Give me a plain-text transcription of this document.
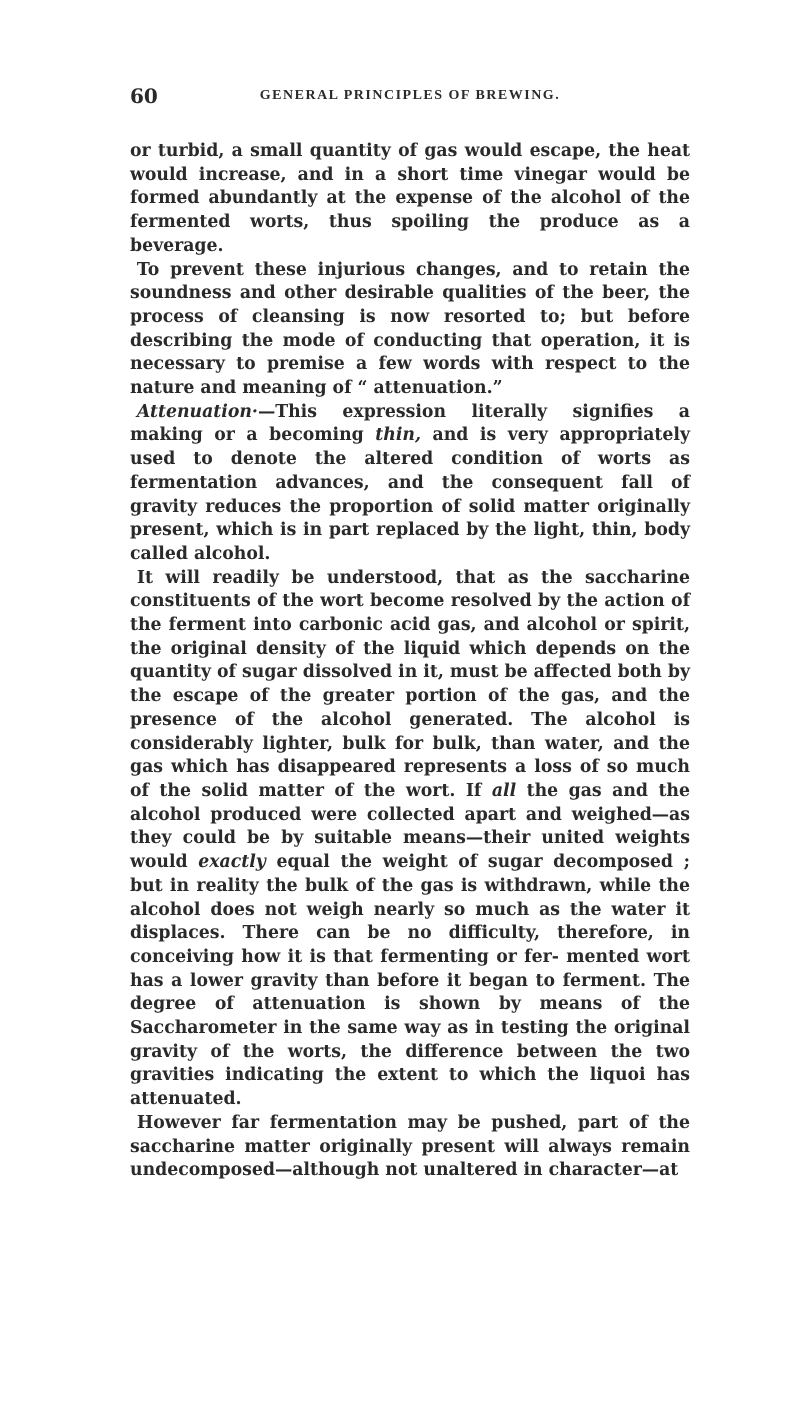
60	GENERAL PRINCIPLES OF BREWING.

or turbid, a small quantity of gas would escape, the heat would increase, and in a short time vinegar would be formed abundantly at the expense of the alcohol of the fermented worts, thus spoiling the produce as a beverage.

To prevent these injurious changes, and to retain the soundness and other desirable qualities of the beer, the process of cleansing is now resorted to; but before describing the mode of conducting that operation, it is necessary to premise a few words with respect to the nature and meaning of “ attenuation.”

Attenuation·—This expression literally signifies a making or a becoming thin, and is very appropriately used to denote the altered condition of worts as fermentation advances, and the consequent fall of gravity reduces the proportion of solid matter originally present, which is in part replaced by the light, thin, body called alcohol.

It will readily be understood, that as the saccharine constituents of the wort become resolved by the action of the ferment into carbonic acid gas, and alcohol or spirit, the original density of the liquid which depends on the quantity of sugar dissolved in it, must be affected both by the escape of the greater portion of the gas, and the presence of the alcohol generated. The alcohol is considerably lighter, bulk for bulk, than water, and the gas which has disappeared represents a loss of so much of the solid matter of the wort. If all the gas and the alcohol produced were collected apart and weighed—as they could be by suitable means—their united weights would exactly equal the weight of sugar decomposed ; but in reality the bulk of the gas is withdrawn, while the alcohol does not weigh nearly so much as the water it displaces. There can be no difficulty, therefore, in conceiving how it is that fermenting or fer- mented wort has a lower gravity than before it began to ferment. The degree of attenuation is shown by means of the Saccharometer in the same way as in testing the original gravity of the worts, the difference between the two gravities indicating the extent to which the liquoi has attenuated.

However far fermentation may be pushed, part of the saccharine matter originally present will always remain undecomposed—although not unaltered in character—at
